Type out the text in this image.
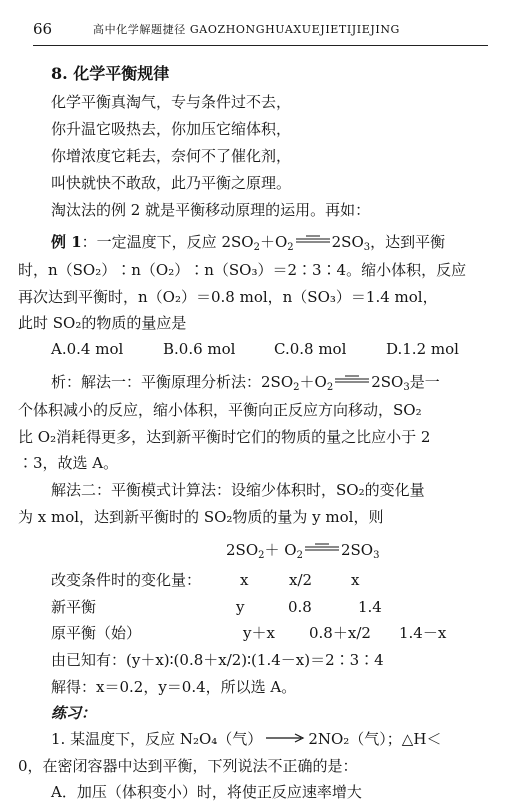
66	高中化学解题捷径 GAOZHONGHUAXUEJIETIJIEJING
8. 化学平衡规律
化学平衡真淘气，专与条件过不去，
你升温它吸热去，你加压它缩体积，
你增浓度它耗去，奈何不了催化剂，
叫快就快不敢敌，此乃平衡之原理。
淘汰法的例 2 就是平衡移动原理的运用。再如：
例 1：一定温度下，反应 $2SO_2+O_2$	$2SO_3$，达到平衡
时，n（SO₂）∶n（O₂）∶n（SO₃）＝2∶3∶4。缩小体积，反应
再次达到平衡时，n（O₂）＝0.8 mol，n（SO₃）＝1.4 mol，
此时 SO₂的物质的量应是
A.0.4 mol	B.0.6 mol	C.0.8 mol	D.1.2 mol
析：解法一：平衡原理分析法：$2SO_2+O_2$	$2SO_3$是一
个体积减小的反应，缩小体积，平衡向正反应方向移动，SO₂
比 O₂消耗得更多，达到新平衡时它们的物质的量之比应小于 2
∶3，故选 A。
解法二：平衡模式计算法：设缩少体积时，SO₂的变化量
为 x mol，达到新平衡时的 SO₂物质的量为 y mol，则
$2SO_2+ O_2$	$2SO_3$
改变条件时的变化量：	x	x/2	x
新平衡	y	0.8	1.4
原平衡（始）	y＋x 0.8＋x/2 1.4－x
由已知有：(y＋x)∶(0.8＋x/2)∶(1.4－x)＝2∶3∶4
解得：x＝0.2，y＝0.4，所以选 A。
练习：
1. 某温度下，反应 N₂O₄（气） → 2NO₂（气）；△H＜
0，在密闭容器中达到平衡，下列说法不正确的是：
A．加压（体积变小）时，将使正反应速率增大
